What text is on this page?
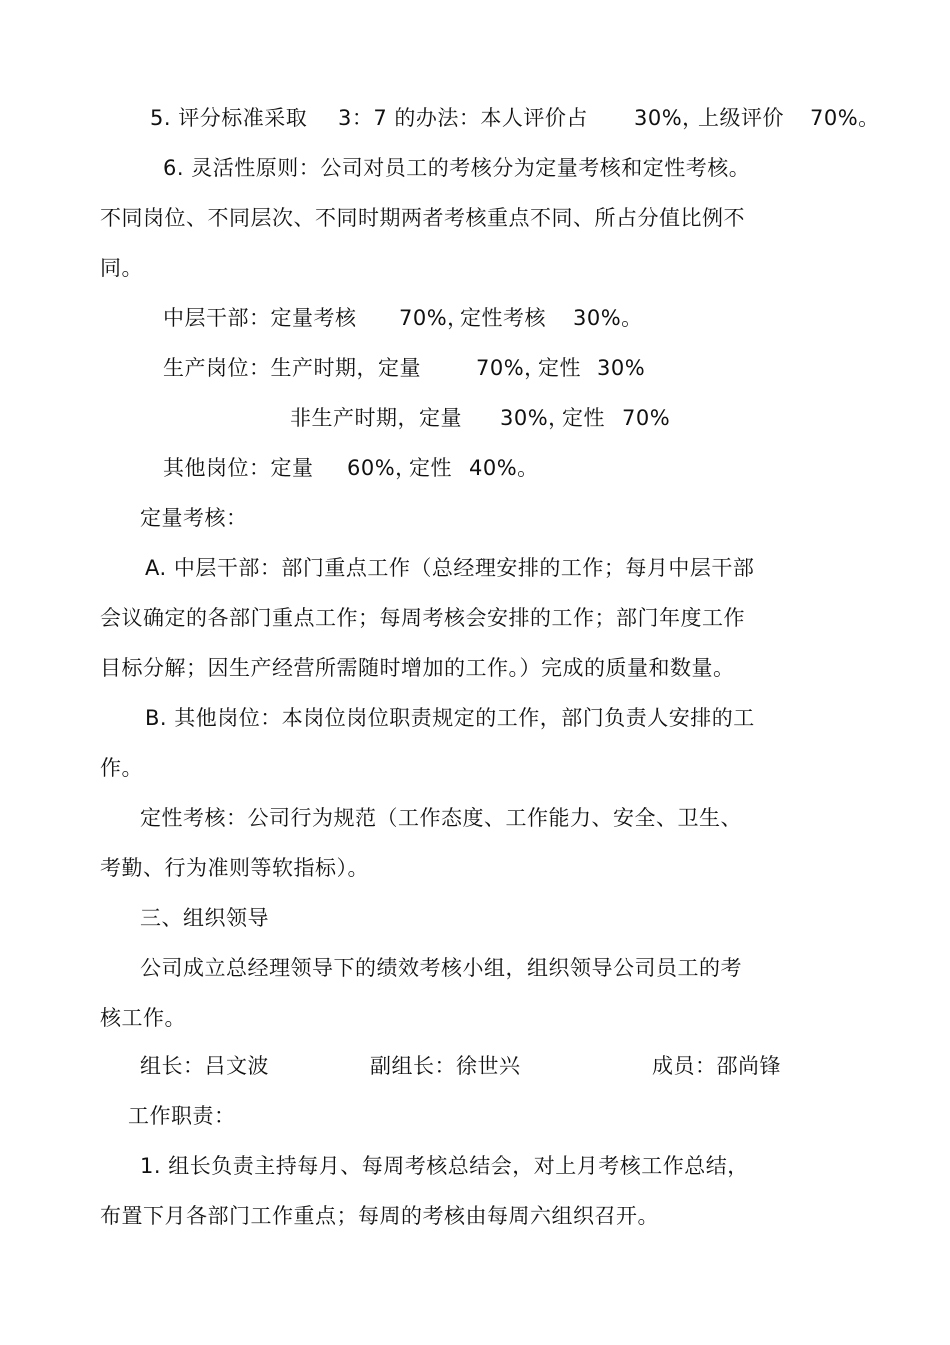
5. 评分标准采取

3：7 的办法：本人评价占

30%，

上级评价

70%。

6. 灵活性原则：公司对员工的考核分为定量考核和定性考核。
不同岗位、不同层次、不同时期两者考核重点不同、所占分值比例不
同。

中层干部：定量考核

70%，

定性考核

30%。

生产岗位：生产时期，定量

	70%，

定性

30%

非生产时期，定量

30%，

定性

70%

其他岗位：定量

60%，

定性

40%。

定量考核：
A. 中层干部：部门重点工作（总经理安排的工作；每月中层干部
会议确定的各部门重点工作；每周考核会安排的工作；部门年度工作
目标分解；因生产经营所需随时增加的工作。）完成的质量和数量。
B. 其他岗位：本岗位岗位职责规定的工作，部门负责人安排的工
作。
定性考核：公司行为规范（工作态度、工作能力、安全、卫生、
考勤、行为准则等软指标）。
三、组织领导
公司成立总经理领导下的绩效考核小组，组织领导公司员工的考
核工作。

组长：吕文波

	副组长：徐世兴

	成员：邵尚锋

工作职责：
1. 组长负责主持每月、每周考核总结会，对上月考核工作总结，
布置下月各部门工作重点；每周的考核由每周六组织召开。
